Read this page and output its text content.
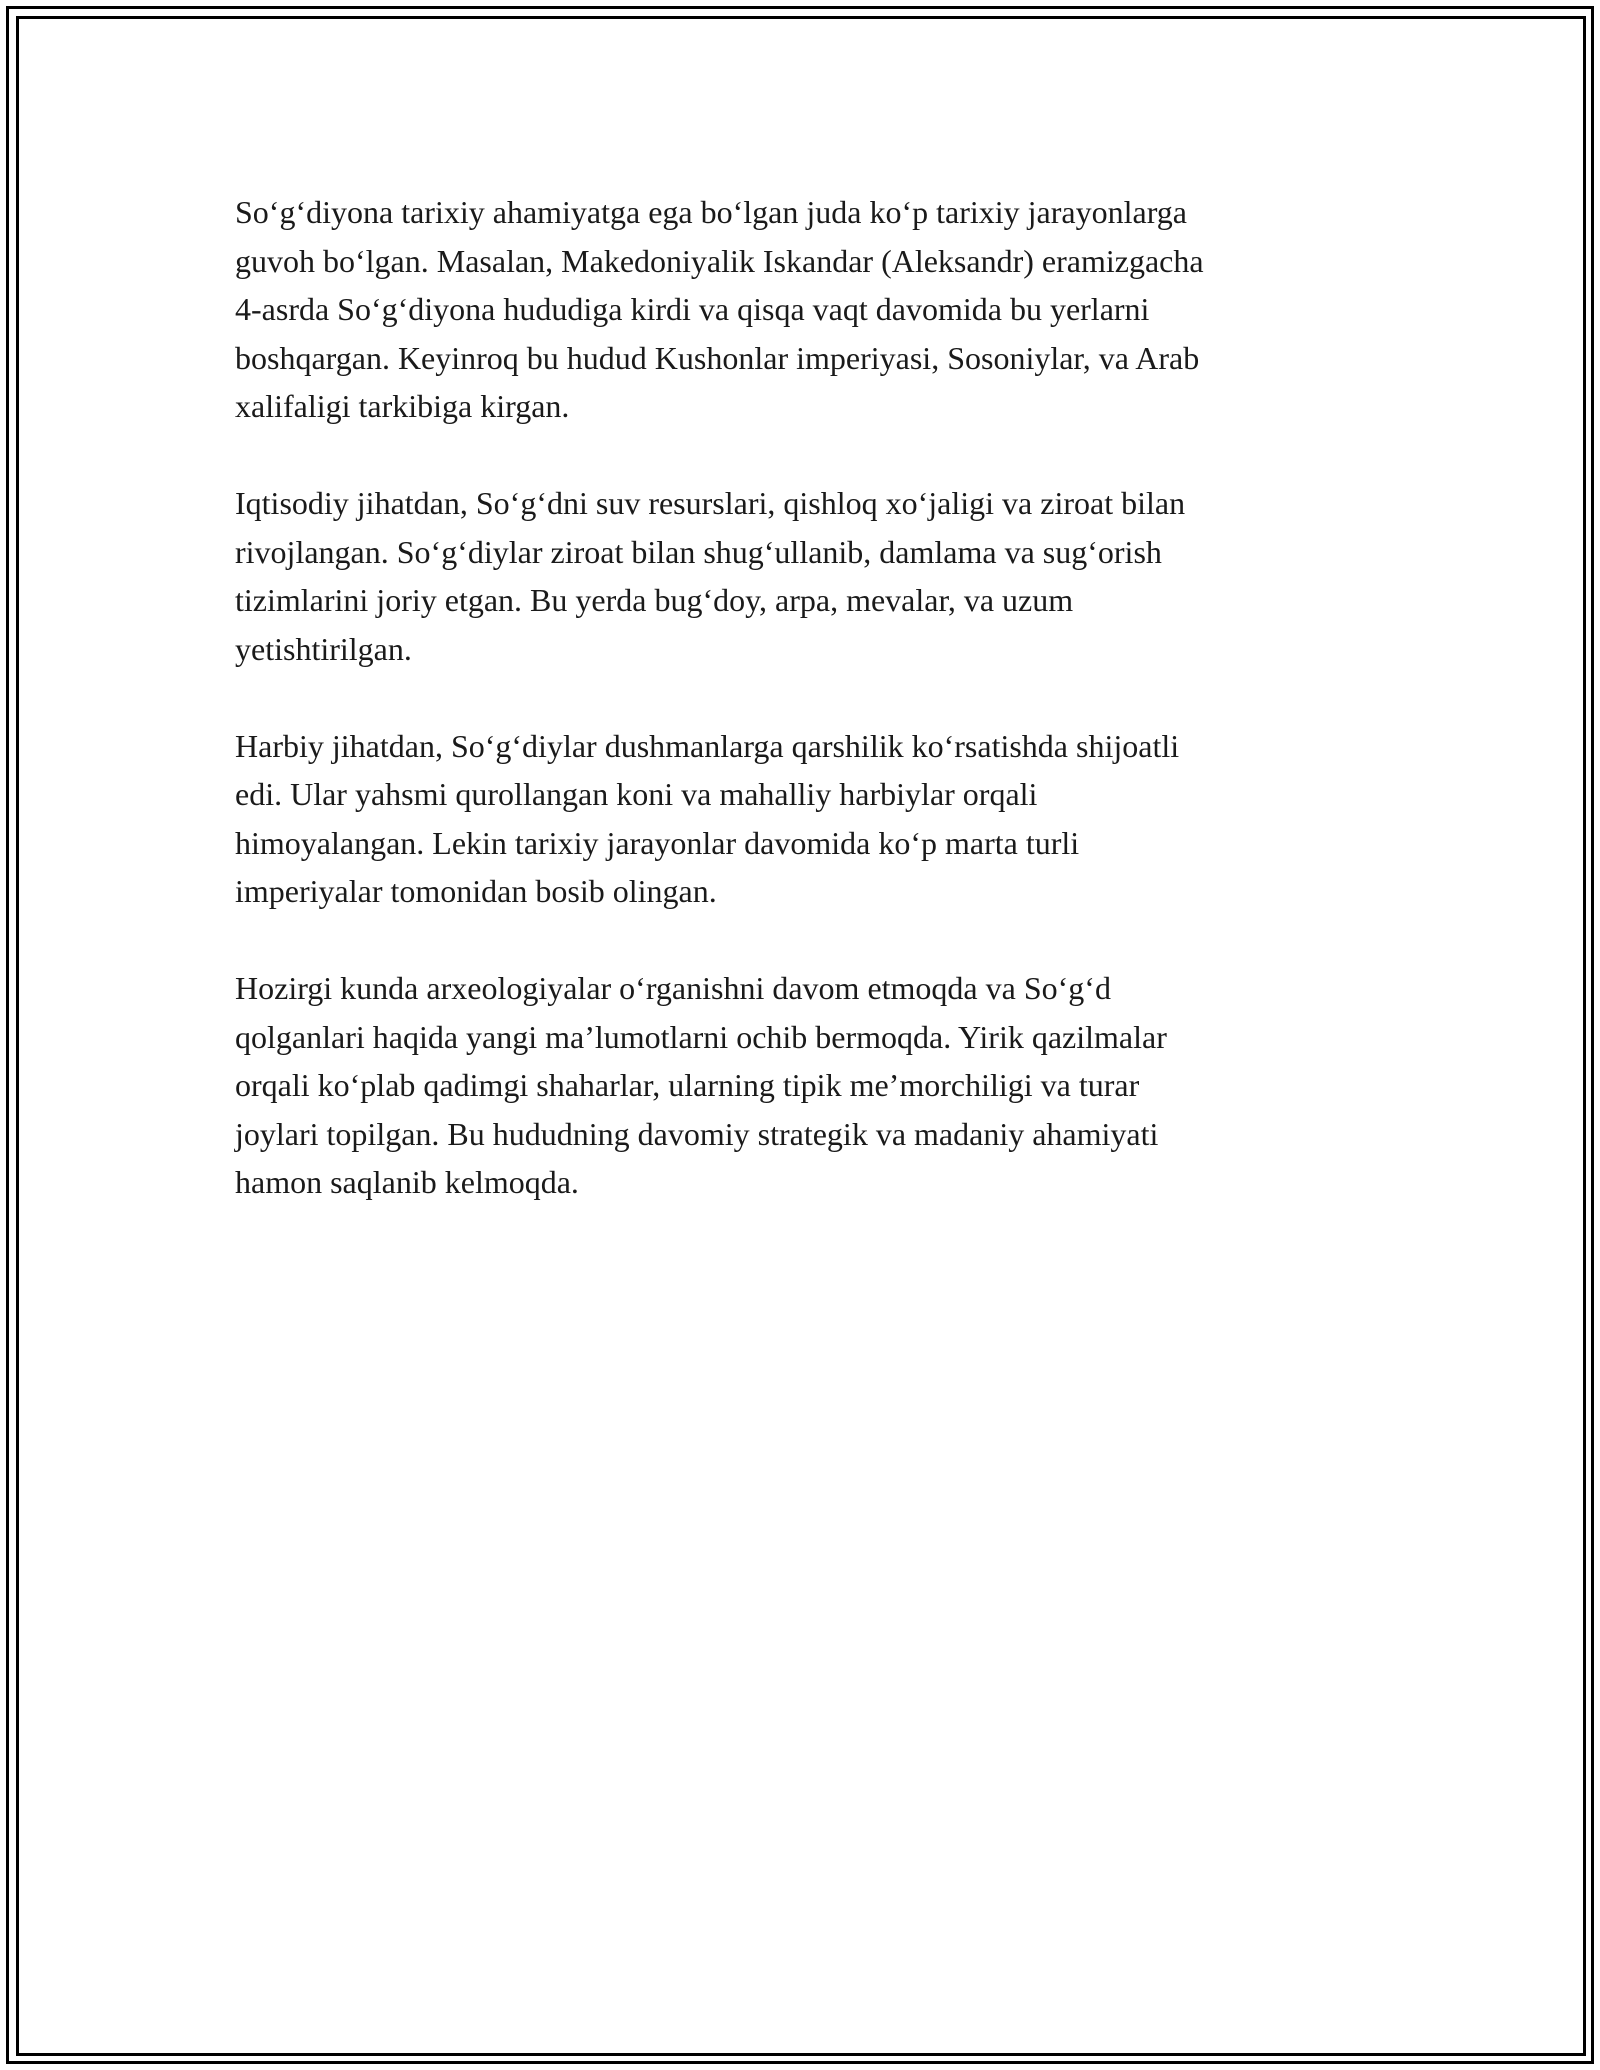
So‘g‘diyona tarixiy ahamiyatga ega bo‘lgan juda ko‘p tarixiy jarayonlarga
guvoh bo‘lgan. Masalan, Makedoniyalik Iskandar (Aleksandr) eramizgacha
4-asrda So‘g‘diyona hududiga kirdi va qisqa vaqt davomida bu yerlarni
boshqargan. Keyinroq bu hudud Kushonlar imperiyasi, Sosoniylar, va Arab
xalifaligi tarkibiga kirgan.

Iqtisodiy jihatdan, So‘g‘dni suv resurslari, qishloq xo‘jaligi va ziroat bilan
rivojlangan. So‘g‘diylar ziroat bilan shug‘ullanib, damlama va sug‘orish
tizimlarini joriy etgan. Bu yerda bug‘doy, arpa, mevalar, va uzum
yetishtirilgan.

Harbiy jihatdan, So‘g‘diylar dushmanlarga qarshilik ko‘rsatishda shijoatli
edi. Ular yahsmi qurollangan koni va mahalliy harbiylar orqali
himoyalangan. Lekin tarixiy jarayonlar davomida ko‘p marta turli
imperiyalar tomonidan bosib olingan.

Hozirgi kunda arxeologiyalar o‘rganishni davom etmoqda va So‘g‘d
qolganlari haqida yangi ma’lumotlarni ochib bermoqda. Yirik qazilmalar
orqali ko‘plab qadimgi shaharlar, ularning tipik me’morchiligi va turar
joylari topilgan. Bu hududning davomiy strategik va madaniy ahamiyati
hamon saqlanib kelmoqda.
